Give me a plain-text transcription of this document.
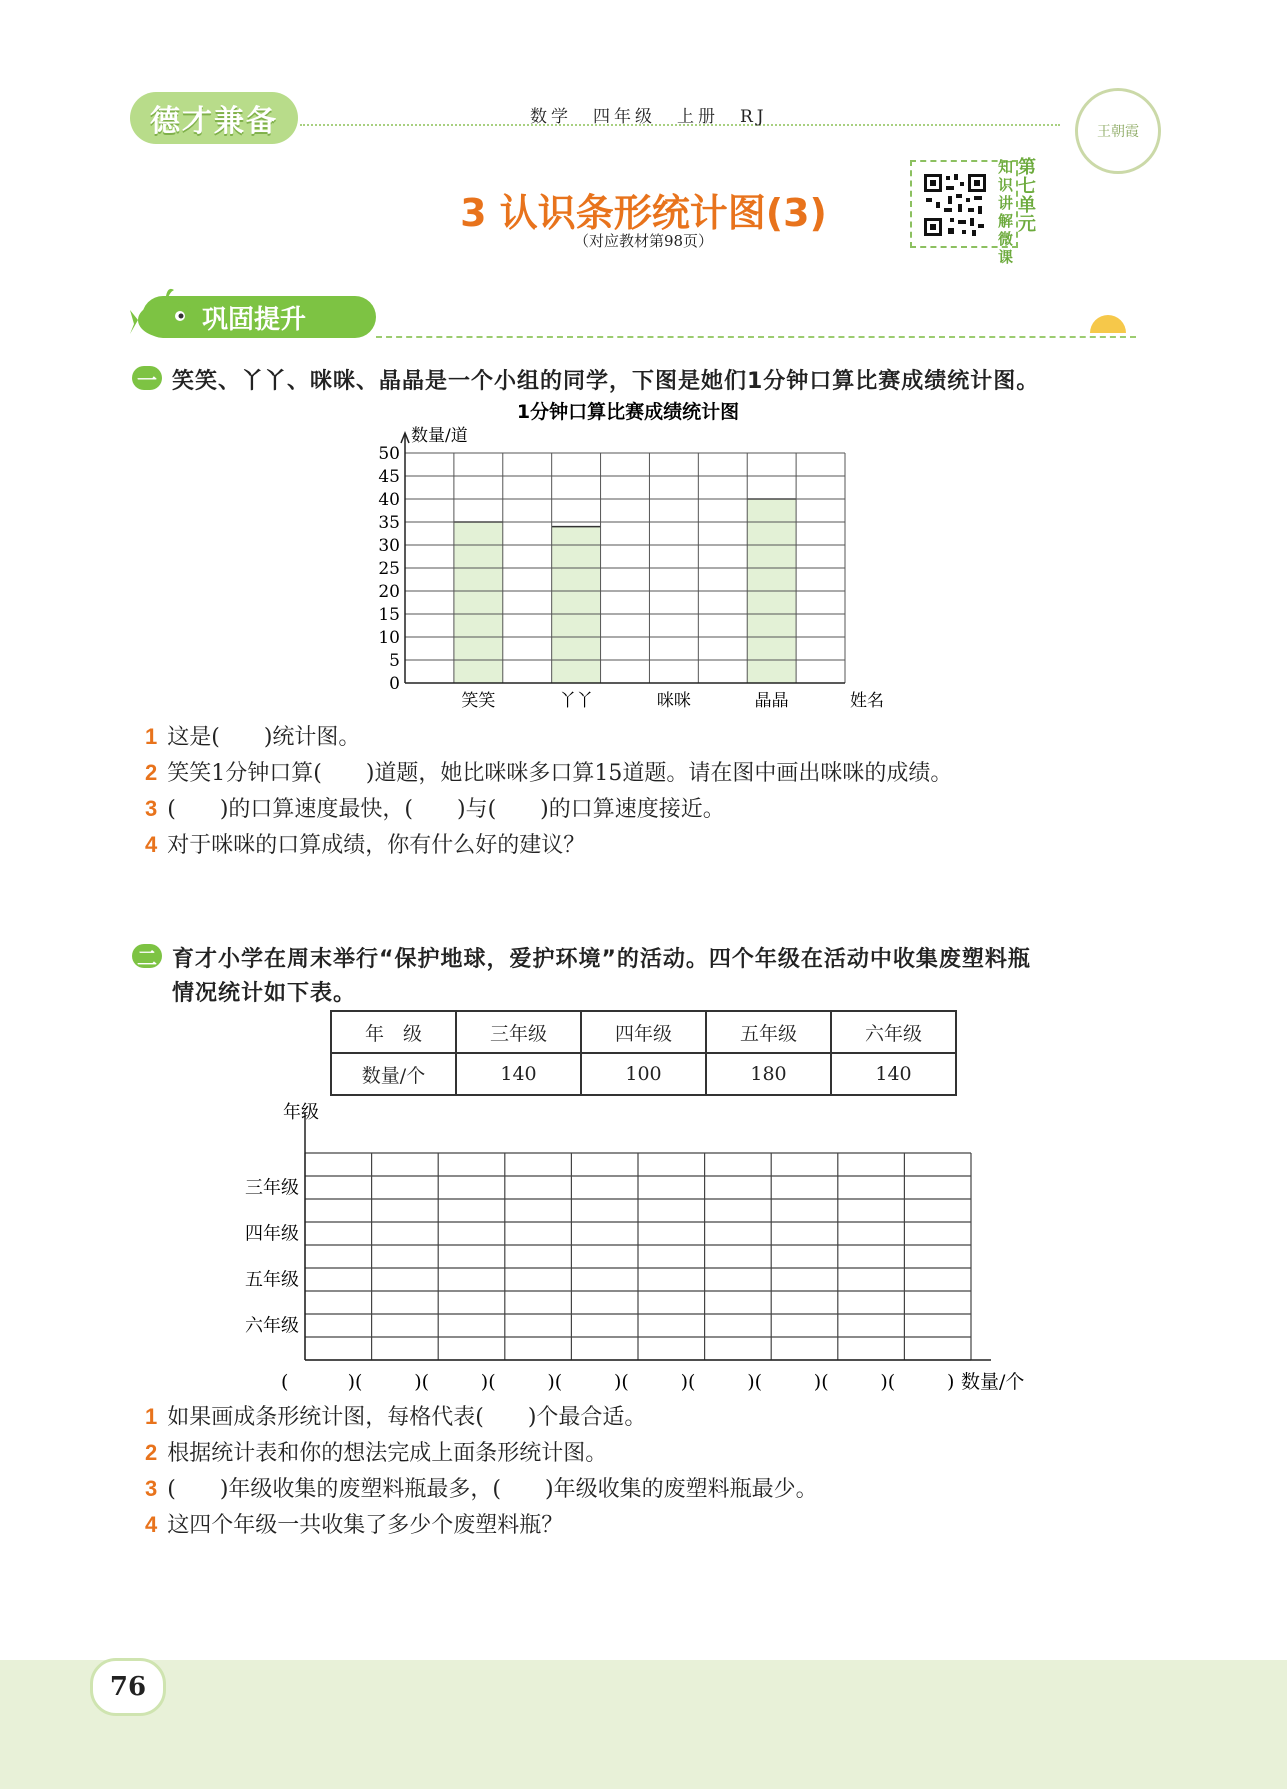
德才兼备	数学　四年级　上册　RJ
王朝霞
3 认识条形统计图(3)
（对应教材第98页）
第
七
单
元
知
识
讲
解
微
课
巩固提升
一 笑笑、丫丫、咪咪、晶晶是一个小组的同学，下图是她们1分钟口算比赛成绩统计图。
1分钟口算比赛成绩统计图
笑笑	丫丫	咪咪	晶晶
0
5
10
15
20
25
30
35
40
45
50
数量/道
姓名
1 这是(　　)统计图。
2 笑笑1分钟口算(　　)道题，她比咪咪多口算15道题。请在图中画出咪咪的成绩。
3 (　　)的口算速度最快，(　　)与(　　)的口算速度接近。
4 对于咪咪的口算成绩，你有什么好的建议？
二 育才小学在周末举行“保护地球，爱护环境”的活动。四个年级在活动中收集废塑料瓶
情况统计如下表。
年　级	三年级	四年级	五年级	六年级
数量/个	140	100	180	140
年级
三年级
四年级
五年级
六年级
(	)(	)(	)(	)(	)(	)(	)(	)(	)(	) 数量/个
1 如果画成条形统计图，每格代表(　　)个最合适。
2 根据统计表和你的想法完成上面条形统计图。
3 (　　)年级收集的废塑料瓶最多，(　　)年级收集的废塑料瓶最少。
4 这四个年级一共收集了多少个废塑料瓶？
76
